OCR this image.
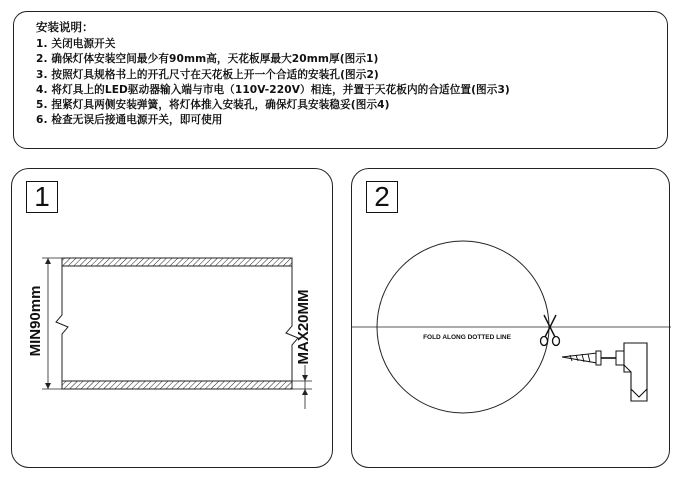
安装说明：
1. 关闭电源开关
2. 确保灯体安装空间最少有90mm高，天花板厚最大20mm厚(图示1)
3. 按照灯具规格书上的开孔尺寸在天花板上开一个合适的安装孔(图示2)
4. 将灯具上的LED驱动器输入端与市电（110V-220V）相连，并置于天花板内的合适位置(图示3)
5. 捏紧灯具两侧安装弹簧，将灯体推入安装孔，确保灯具安装稳妥(图示4)
6. 检查无误后接通电源开关，即可使用
MIN90mm	MAX20MM
1
FOLD ALONG DOTTED LINE
2
